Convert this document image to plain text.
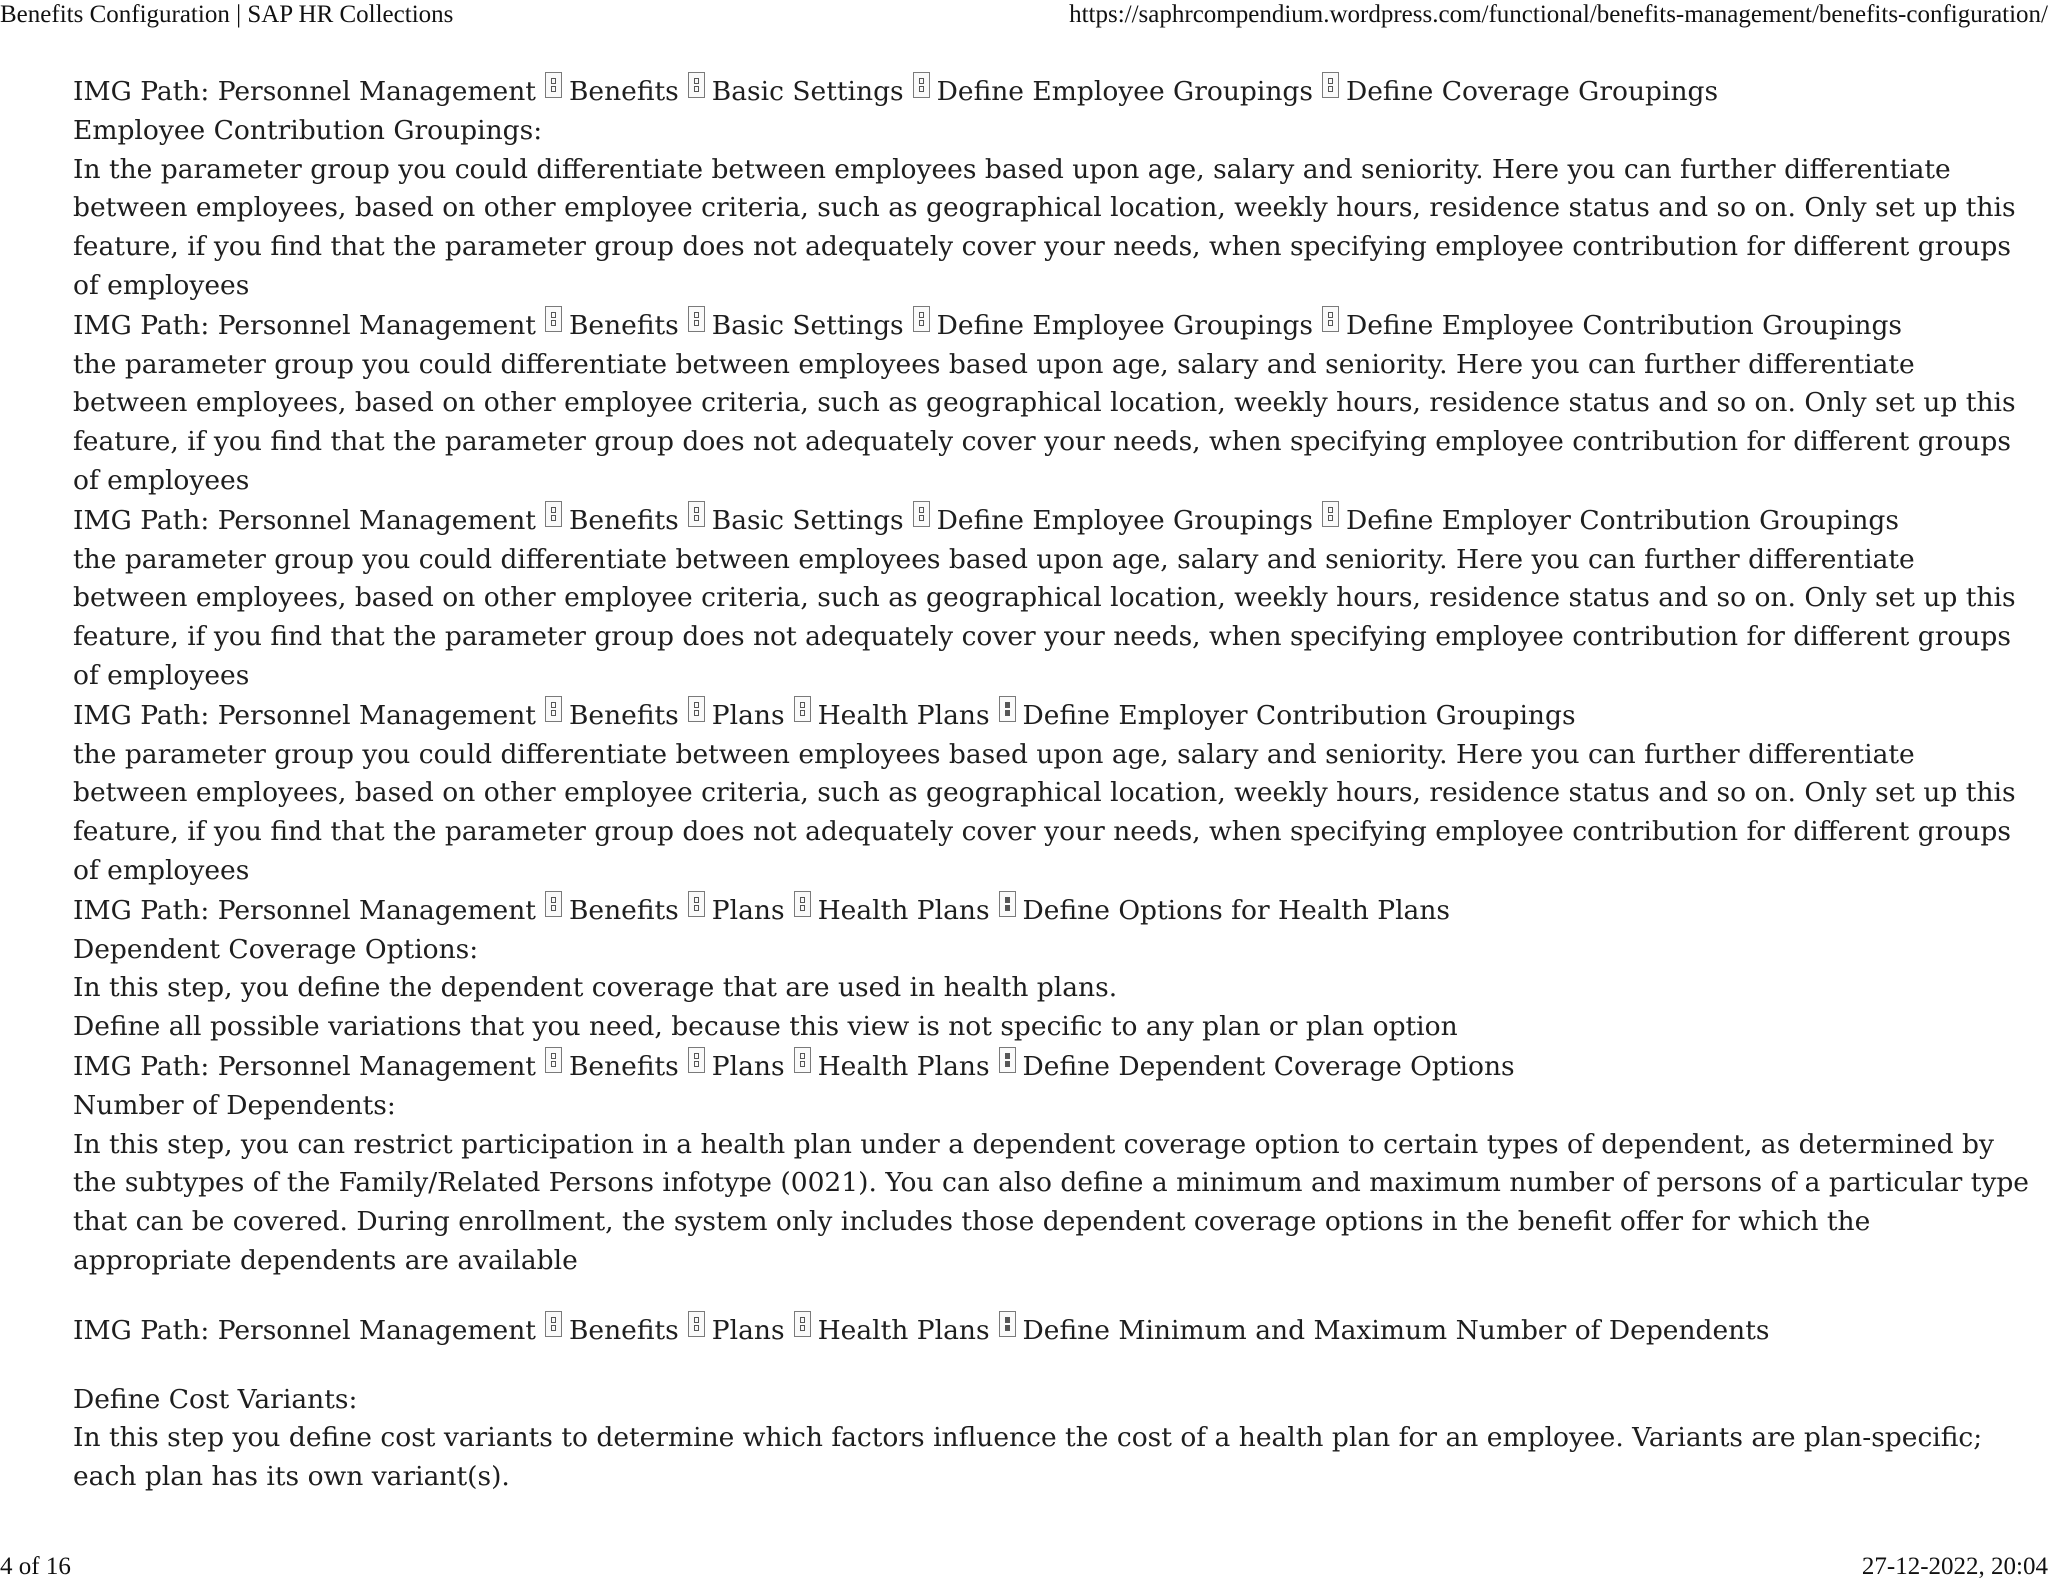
Benefits Configuration | SAP HR Collections	https://saphrcompendium.wordpress.com/functional/benefits-management/benefits-configuration/
IMG Path: Personnel Management Benefits Basic Settings Define Employee Groupings Define Coverage Groupings
Employee Contribution Groupings:
In the parameter group you could differentiate between employees based upon age, salary and seniority. Here you can further differentiate between employees, based on other employee criteria, such as geographical location, weekly hours, residence status and so on. Only set up this feature, if you find that the parameter group does not adequately cover your needs, when specifying employee contribution for different groups of employees
IMG Path: Personnel Management Benefits Basic Settings Define Employee Groupings Define Employee Contribution Groupings
the parameter group you could differentiate between employees based upon age, salary and seniority. Here you can further differentiate between employees, based on other employee criteria, such as geographical location, weekly hours, residence status and so on. Only set up this feature, if you find that the parameter group does not adequately cover your needs, when specifying employee contribution for different groups of employees
IMG Path: Personnel Management Benefits Basic Settings Define Employee Groupings Define Employer Contribution Groupings
the parameter group you could differentiate between employees based upon age, salary and seniority. Here you can further differentiate between employees, based on other employee criteria, such as geographical location, weekly hours, residence status and so on. Only set up this feature, if you find that the parameter group does not adequately cover your needs, when specifying employee contribution for different groups of employees
IMG Path: Personnel Management Benefits Plans Health Plans Define Employer Contribution Groupings
the parameter group you could differentiate between employees based upon age, salary and seniority. Here you can further differentiate between employees, based on other employee criteria, such as geographical location, weekly hours, residence status and so on. Only set up this feature, if you find that the parameter group does not adequately cover your needs, when specifying employee contribution for different groups of employees
IMG Path: Personnel Management Benefits Plans Health Plans Define Options for Health Plans
Dependent Coverage Options:
In this step, you define the dependent coverage that are used in health plans.
Define all possible variations that you need, because this view is not specific to any plan or plan option
IMG Path: Personnel Management Benefits Plans Health Plans Define Dependent Coverage Options
Number of Dependents:
In this step, you can restrict participation in a health plan under a dependent coverage option to certain types of dependent, as determined by the subtypes of the Family/Related Persons infotype (0021). You can also define a minimum and maximum number of persons of a particular type that can be covered. During enrollment, the system only includes those dependent coverage options in the benefit offer for which the appropriate dependents are available
IMG Path: Personnel Management Benefits Plans Health Plans Define Minimum and Maximum Number of Dependents
Define Cost Variants:
In this step you define cost variants to determine which factors influence the cost of a health plan for an employee. Variants are plan-specific; each plan has its own variant(s).
4 of 16	27-12-2022, 20:04
